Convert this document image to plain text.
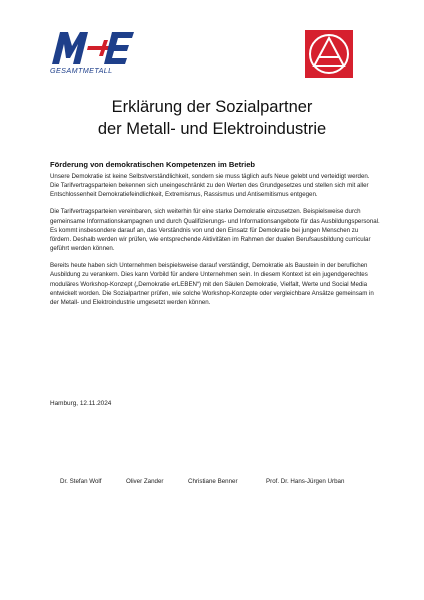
GESAMTMETALL
Erklärung der Sozialpartner
der Metall- und Elektroindustrie
Förderung von demokratischen Kompetenzen im Betrieb

Unsere Demokratie ist keine Selbstverständlichkeit, sondern sie muss täglich aufs Neue gelebt und verteidigt werden. Die Tarifvertragsparteien bekennen sich uneingeschränkt zu den Werten des Grundgesetzes und stellen sich mit aller Entschlossenheit Demokratiefeindlichkeit, Extremismus, Rassismus und Antisemitismus entgegen.

Die Tarifvertragsparteien vereinbaren, sich weiterhin für eine starke Demokratie einzusetzen. Beispielsweise durch gemeinsame Informationskampagnen und durch Qualifizierungs- und Informationsangebote für das Ausbildungspersonal. Es kommt insbesondere darauf an, das Verständnis von und den Einsatz für Demokratie bei jungen Menschen zu fördern. Deshalb werden wir prüfen, wie entsprechende Aktivitäten im Rahmen der dualen Berufsausbildung curricular geführt werden können.

Bereits heute haben sich Unternehmen beispielsweise darauf verständigt, Demokratie als Baustein in der beruflichen Ausbildung zu verankern. Dies kann Vorbild für andere Unternehmen sein. In diesem Kontext ist ein jugendgerechtes moduläres Workshop-Konzept („Demokratie erLEBEN“) mit den Säulen Demokratie, Vielfalt, Werte und Social Media entwickelt worden. Die Sozialpartner prüfen, wie solche Workshop-Konzepte oder vergleichbare Ansätze gemeinsam in der Metall- und Elektroindustrie umgesetzt werden können.

Hamburg, 12.11.2024
Dr. Stefan Wolf	Oliver Zander	Christiane Benner	Prof. Dr. Hans-Jürgen Urban
